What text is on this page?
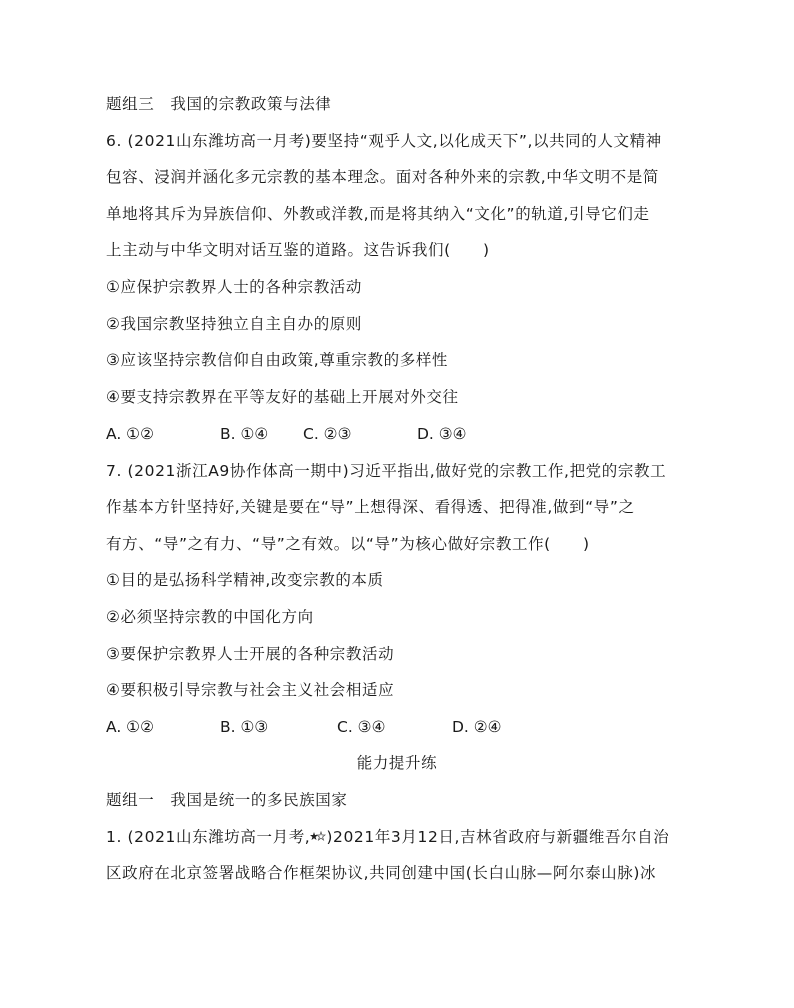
题组三　我国的宗教政策与法律
6. (2021山东潍坊高一月考)要坚持“观乎人文,以化成天下”,以共同的人文精神
包容、浸润并涵化多元宗教的基本理念。面对各种外来的宗教,中华文明不是简
单地将其斥为异族信仰、外教或洋教,而是将其纳入“文化”的轨道,引导它们走
上主动与中华文明对话互鉴的道路。这告诉我们(　　)
①应保护宗教界人士的各种宗教活动
②我国宗教坚持独立自主自办的原则
③应该坚持宗教信仰自由政策,尊重宗教的多样性
④要支持宗教界在平等友好的基础上开展对外交往
A. ①②	B. ①④ C. ②③	D. ③④
7. (2021浙江A9协作体高一期中)习近平指出,做好党的宗教工作,把党的宗教工
作基本方针坚持好,关键是要在“导”上想得深、看得透、把得准,做到“导”之
有方、“导”之有力、“导”之有效。以“导”为核心做好宗教工作(　　)
①目的是弘扬科学精神,改变宗教的本质
②必须坚持宗教的中国化方向
③要保护宗教界人士开展的各种宗教活动
④要积极引导宗教与社会主义社会相适应
A. ①②	B. ①③	C. ③④	D. ②④
能力提升练
题组一　我国是统一的多民族国家
1. (2021山东潍坊高一月考, )2021年3月12日,吉林省政府与新疆维吾尔自治
区政府在北京签署战略合作框架协议,共同创建中国(长白山脉—阿尔泰山脉)冰
